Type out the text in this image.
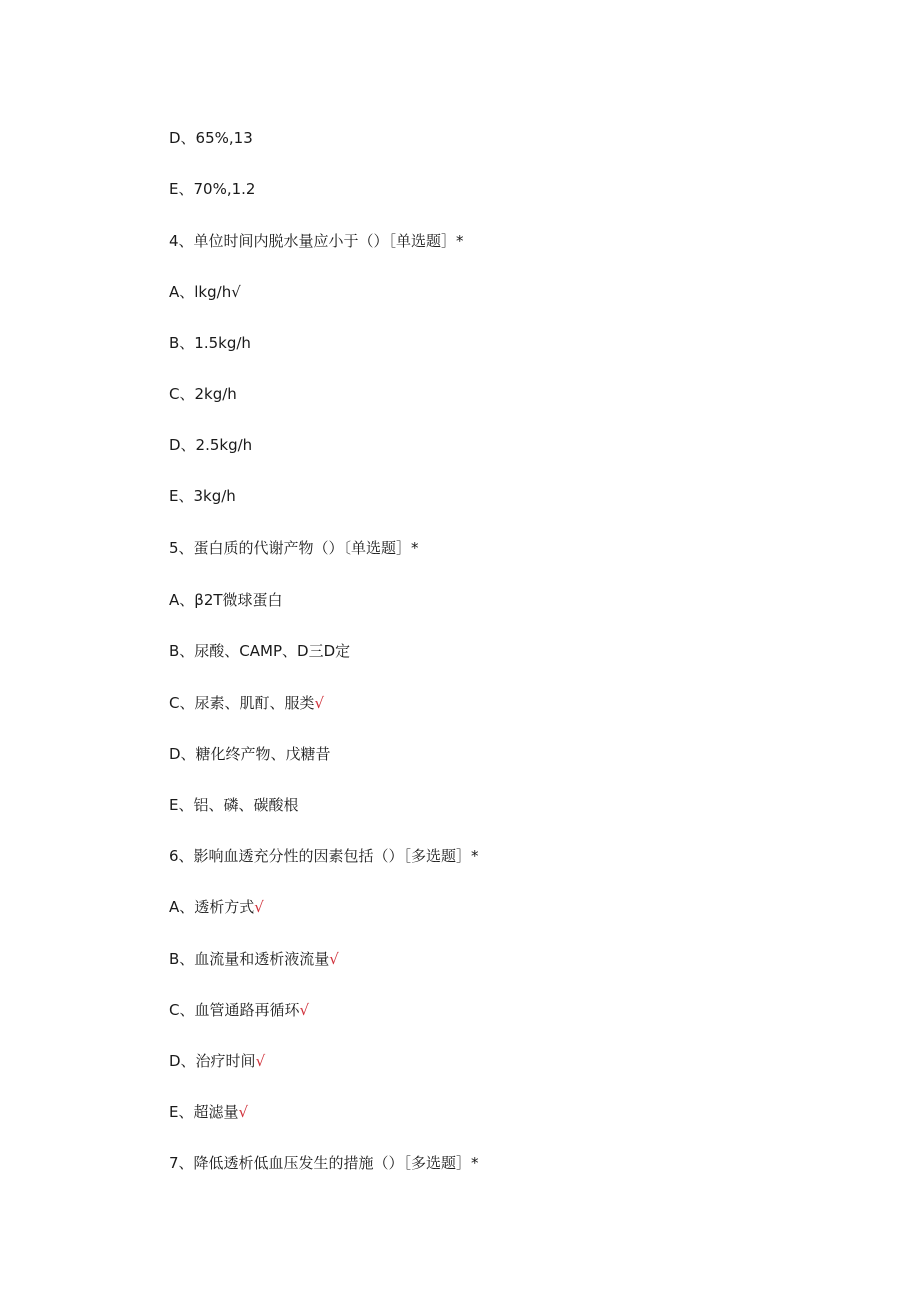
D、65%,13
E、70%,1.2
4、单位时间内脱水量应小于（）［单选题］*
A、lkg∕h√
B、1.5kg∕h
C、2kg∕h
D、2.5kg∕h
E、3kg∕h
5、蛋白质的代谢产物（）〔单选题］*
A、β2T微球蛋白
B、尿酸、CAMP、D三D定
C、尿素、肌酊、服类√
D、糖化终产物、戊糖昔
E、铝、磷、碳酸根
6、影响血透充分性的因素包括（）［多选题］*
A、透析方式√
B、血流量和透析液流量√
C、血管通路再循环√
D、治疗时间√
E、超滤量√
7、降低透析低血压发生的措施（）［多选题］*
